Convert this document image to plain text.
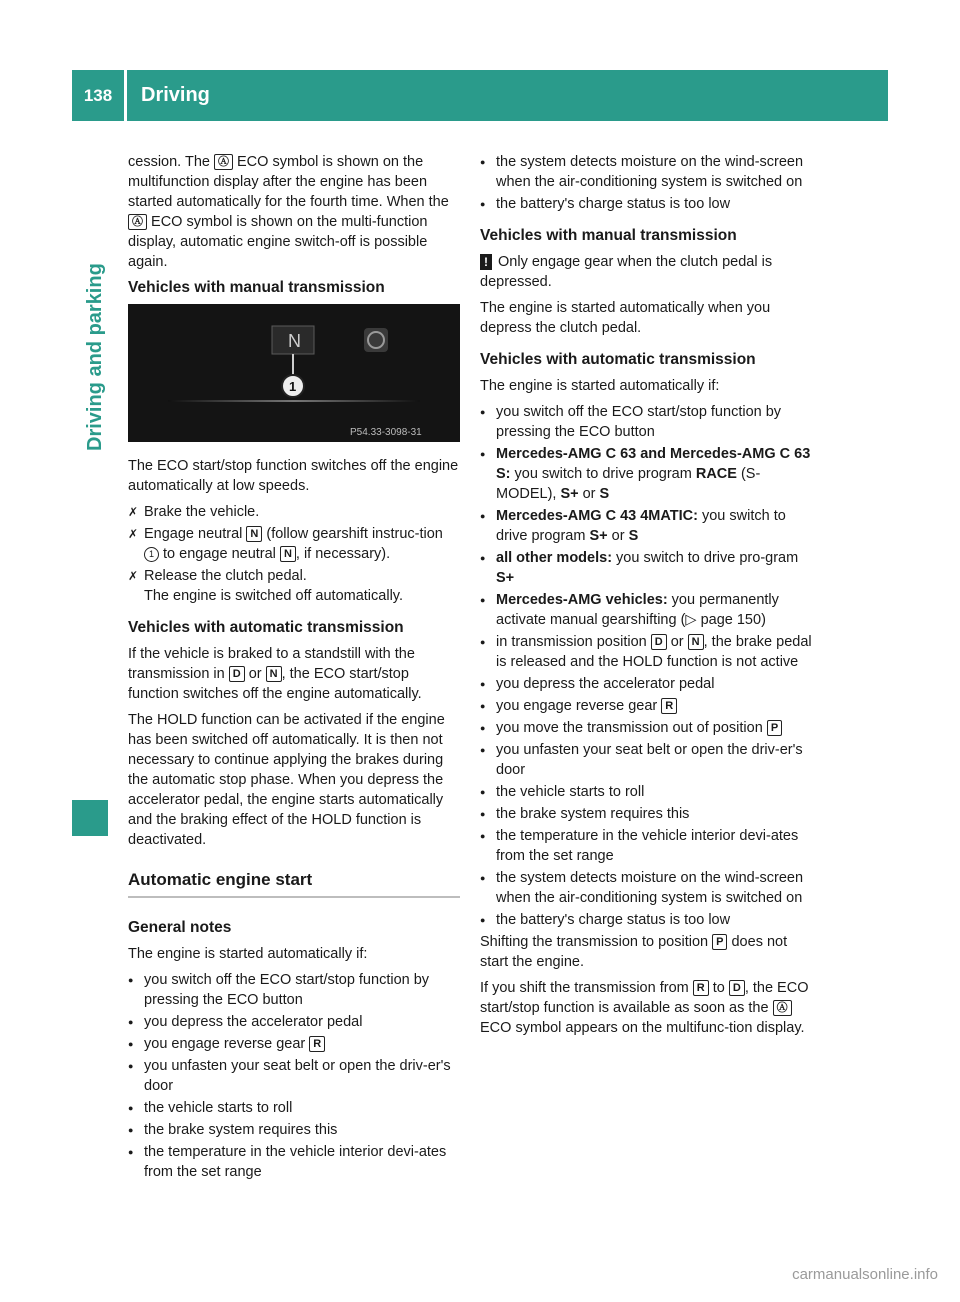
138	Driving
Driving and parking

cession. The Ⓐ ECO symbol is shown on the multifunction display after the engine has been started automatically for the fourth time. When the Ⓐ ECO symbol is shown on the multi-function display, automatic engine switch-off is possible again.

Vehicles with manual transmission
N
1
P54.33-3098-31

The ECO start/stop function switches off the engine automatically at low speeds.

✗ Brake the vehicle.
✗ Engage neutral N (follow gearshift instruc-tion 1 to engage neutral N , if necessary).
✗ Release the clutch pedal.
The engine is switched off automatically.
Vehicles with automatic transmission

If the vehicle is braked to a standstill with the transmission in D or N , the ECO start/stop function switches off the engine automatically.

The HOLD function can be activated if the engine has been switched off automatically. It is then not necessary to continue applying the brakes during the automatic stop phase. When you depress the accelerator pedal, the engine starts automatically and the braking effect of the HOLD function is deactivated.

Automatic engine start
General notes

The engine is started automatically if:

● you switch off the ECO start/stop function by pressing the ECO button
● you depress the accelerator pedal
● you engage reverse gear R
● you unfasten your seat belt or open the driv-er's door
● the vehicle starts to roll
● the brake system requires this
● the temperature in the vehicle interior devi-ates from the set range
● the system detects moisture on the wind-screen when the air-conditioning system is switched on
● the battery's charge status is too low
Vehicles with manual transmission

! Only engage gear when the clutch pedal is depressed.

The engine is started automatically when you depress the clutch pedal.

Vehicles with automatic transmission

The engine is started automatically if:

● you switch off the ECO start/stop function by pressing the ECO button
● Mercedes-AMG C 63 and Mercedes-AMG C 63 S: you switch to drive program RACE (S-MODEL), S+ or S
● Mercedes-AMG C 43 4MATIC: you switch to drive program S+ or S
● all other models: you switch to drive pro-gram S+
● Mercedes-AMG vehicles: you permanently activate manual gearshifting (▷ page 150)
● in transmission position D or N , the brake pedal is released and the HOLD function is not active
● you depress the accelerator pedal
● you engage reverse gear R
● you move the transmission out of position P
● you unfasten your seat belt or open the driv-er's door
● the vehicle starts to roll
● the brake system requires this
● the temperature in the vehicle interior devi-ates from the set range
● the system detects moisture on the wind-screen when the air-conditioning system is switched on
● the battery's charge status is too low

Shifting the transmission to position P does not start the engine.

If you shift the transmission from R to D , the ECO start/stop function is available as soon as the Ⓐ ECO symbol appears on the multifunc-tion display.

carmanualsonline.info
